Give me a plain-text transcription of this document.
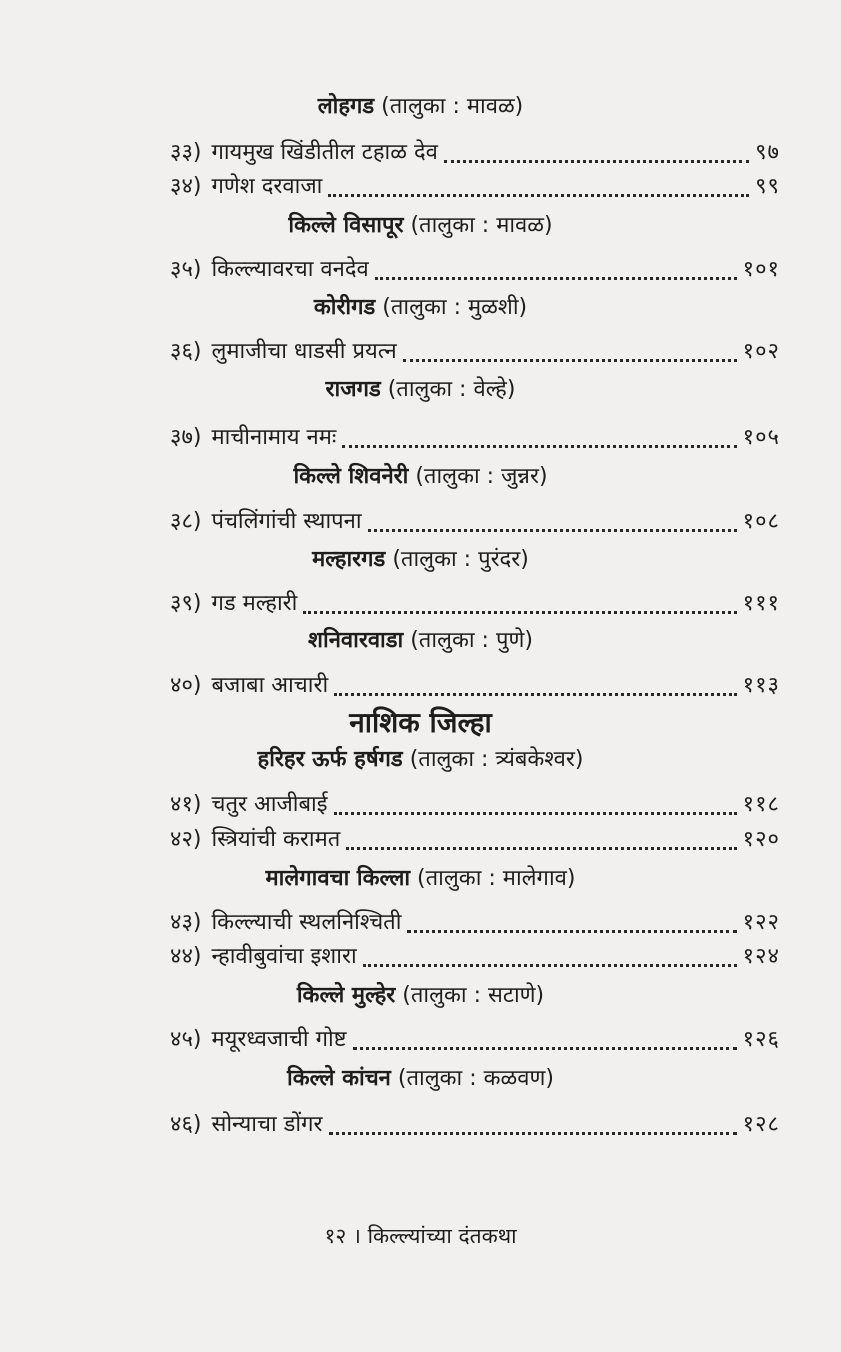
लोहगड (तालुका : मावळ)
३३) गायमुख खिंडीतील टहाळ देव	९७
३४) गणेश दरवाजा	९९
किल्ले विसापूर (तालुका : मावळ)
३५) किल्ल्यावरचा वनदेव	१०१
कोरीगड (तालुका : मुळशी)
३६) लुमाजीचा धाडसी प्रयत्न	१०२
राजगड (तालुका : वेल्हे)
३७) माचीनामाय नमः	१०५
किल्ले शिवनेरी (तालुका : जुन्नर)
३८) पंचलिंगांची स्थापना	१०८
मल्हारगड (तालुका : पुरंदर)
३९) गड मल्हारी	१११
शनिवारवाडा (तालुका : पुणे)
४०) बजाबा आचारी	११३
नाशिक जिल्हा
हरिहर ऊर्फ हर्षगड (तालुका : त्र्यंबकेश्वर)
४१) चतुर आजीबाई	११८
४२) स्त्रियांची करामत	१२०
मालेगावचा किल्ला (तालुका : मालेगाव)
४३) किल्ल्याची स्थलनिश्चिती	१२२
४४) न्हावीबुवांचा इशारा	१२४
किल्ले मुल्हेर (तालुका : सटाणे)
४५) मयूरध्वजाची गोष्ट	१२६
किल्ले कांचन (तालुका : कळवण)
४६) सोन्याचा डोंगर	१२८
१२ । किल्ल्यांच्या दंतकथा
